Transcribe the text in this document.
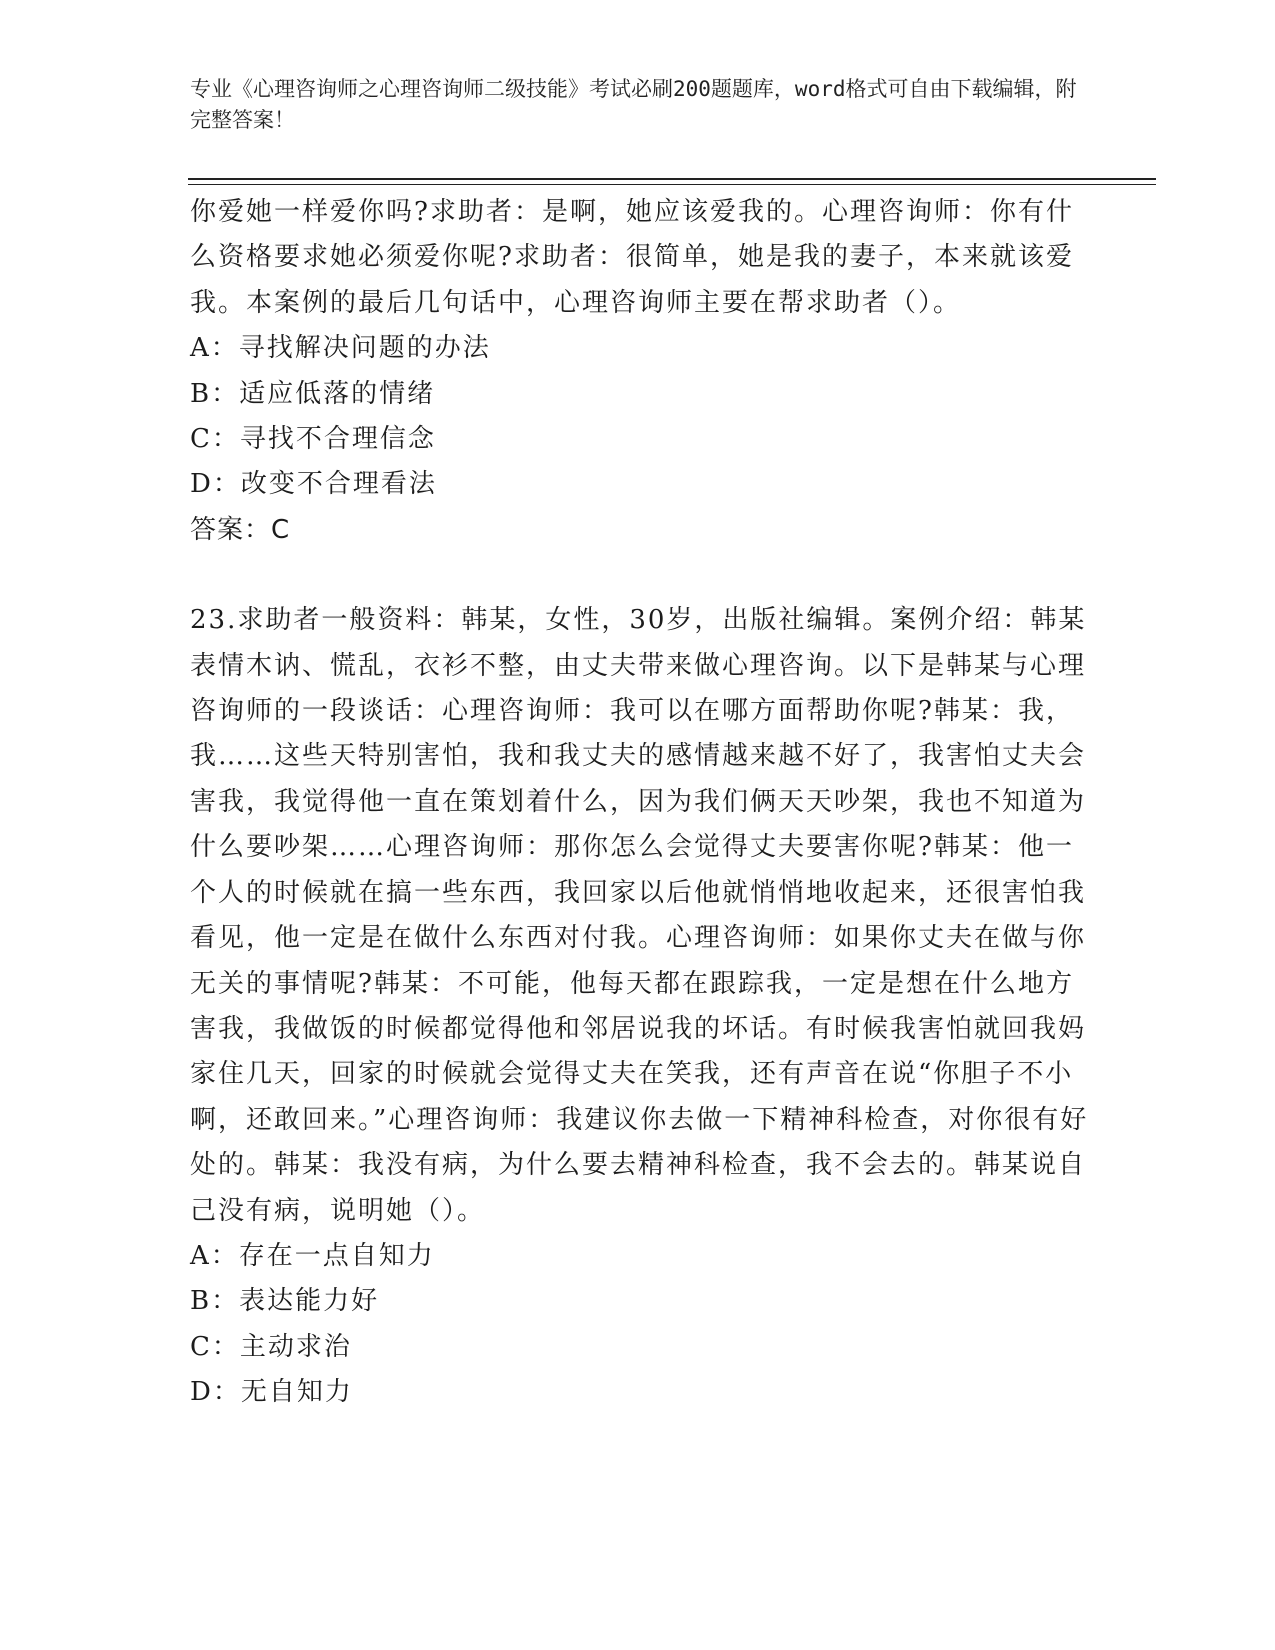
专业《心理咨询师之心理咨询师二级技能》考试必刷200题题库，word格式可自由下载编辑，附完整答案！

你爱她一样爱你吗?求助者：是啊，她应该爱我的。心理咨询师：你有什么资格要求她必须爱你呢?求助者：很简单，她是我的妻子，本来就该爱我。本案例的最后几句话中，心理咨询师主要在帮求助者（）。

A：寻找解决问题的办法

B：适应低落的情绪

C：寻找不合理信念

D：改变不合理看法

答案：C

23.求助者一般资料：韩某，女性，30岁，出版社编辑。案例介绍：韩某表情木讷、慌乱，衣衫不整，由丈夫带来做心理咨询。以下是韩某与心理咨询师的一段谈话：心理咨询师：我可以在哪方面帮助你呢?韩某：我，我……这些天特别害怕，我和我丈夫的感情越来越不好了，我害怕丈夫会害我，我觉得他一直在策划着什么，因为我们俩天天吵架，我也不知道为什么要吵架……心理咨询师：那你怎么会觉得丈夫要害你呢?韩某：他一个人的时候就在搞一些东西，我回家以后他就悄悄地收起来，还很害怕我看见，他一定是在做什么东西对付我。心理咨询师：如果你丈夫在做与你无关的事情呢?韩某：不可能，他每天都在跟踪我，一定是想在什么地方害我，我做饭的时候都觉得他和邻居说我的坏话。有时候我害怕就回我妈家住几天，回家的时候就会觉得丈夫在笑我，还有声音在说“你胆子不小啊，还敢回来。”心理咨询师：我建议你去做一下精神科检查，对你很有好处的。韩某：我没有病，为什么要去精神科检查，我不会去的。韩某说自己没有病，说明她（）。

A：存在一点自知力

B：表达能力好

C：主动求治

D：无自知力
